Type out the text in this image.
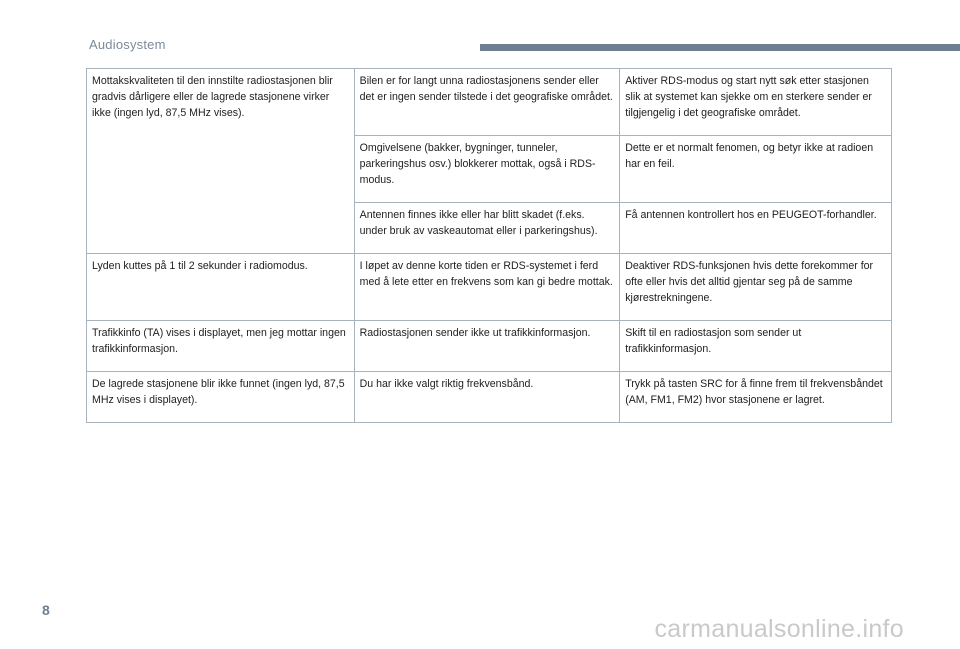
Audiosystem
Mottakskvaliteten til den innstilte radiostasjonen blir gradvis dårligere eller de lagrede stasjonene virker ikke (ingen lyd, 87,5 MHz vises).	Bilen er for langt unna radiostasjonens sender eller det er ingen sender tilstede i det geografiske området.	Aktiver RDS-modus og start nytt søk etter stasjonen slik at systemet kan sjekke om en sterkere sender er tilgjengelig i det geografiske området.

	Omgivelsene (bakker, bygninger, tunneler, parkeringshus osv.) blokkerer mottak, også i RDS-modus.	Dette er et normalt fenomen, og betyr ikke at radioen har en feil.

	Antennen finnes ikke eller har blitt skadet (f.eks. under bruk av vaskeautomat eller i parkeringshus).	Få antennen kontrollert hos en PEUGEOT-forhandler.

Lyden kuttes på 1 til 2 sekunder i radiomodus.	I løpet av denne korte tiden er RDS-systemet i ferd med å lete etter en frekvens som kan gi bedre mottak.	Deaktiver RDS-funksjonen hvis dette forekommer for ofte eller hvis det alltid gjentar seg på de samme kjørestrekningene.

Trafikkinfo (TA) vises i displayet, men jeg mottar ingen trafikkinformasjon.	Radiostasjonen sender ikke ut trafikkinformasjon.	Skift til en radiostasjon som sender ut trafikkinformasjon.

De lagrede stasjonene blir ikke funnet (ingen lyd, 87,5 MHz vises i displayet).	Du har ikke valgt riktig frekvensbånd.	Trykk på tasten SRC for å finne frem til frekvensbåndet (AM, FM1, FM2) hvor stasjonene er lagret.
8
carmanualsonline.info
